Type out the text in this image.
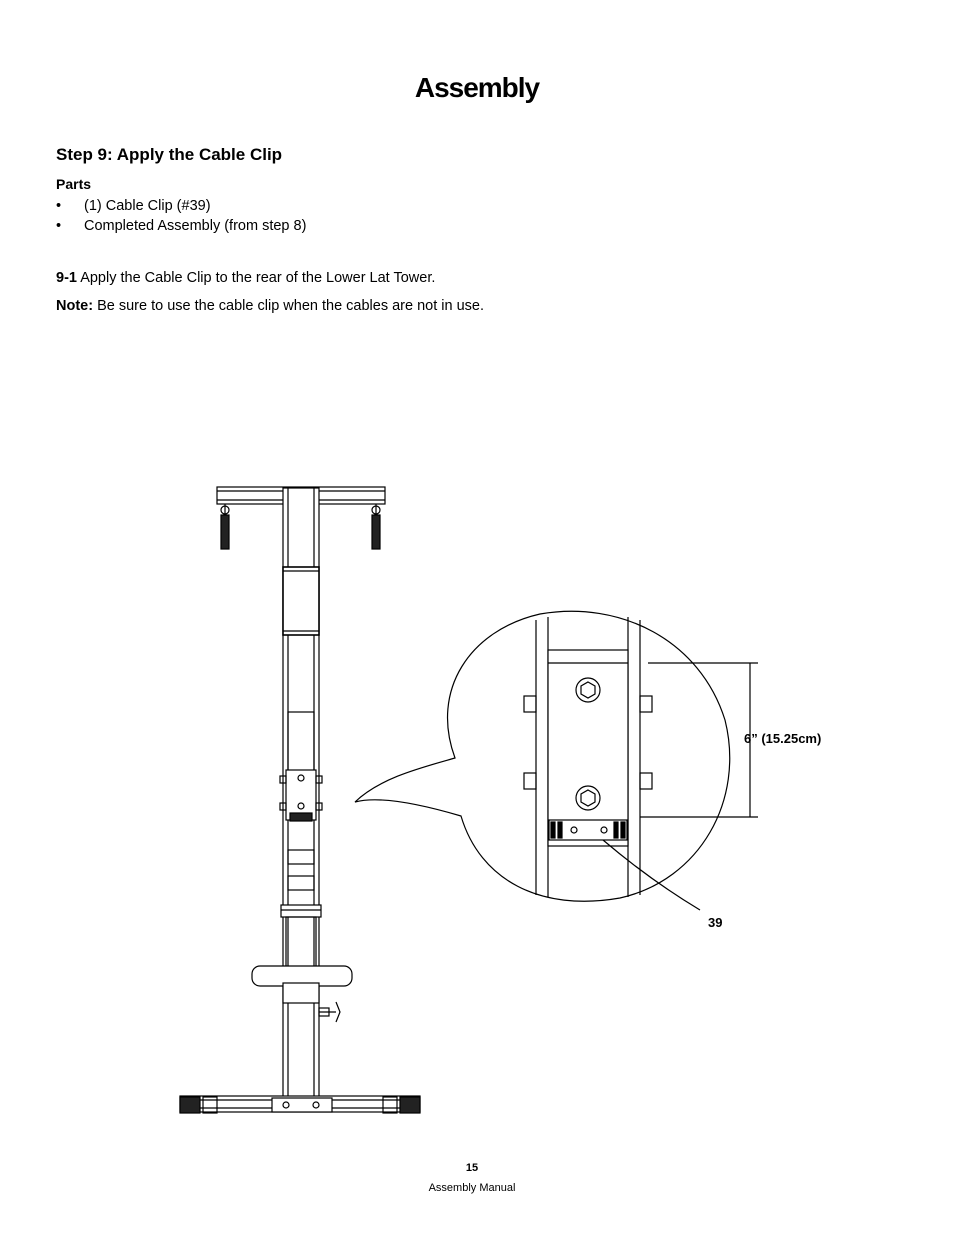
Assembly
Step 9: Apply the Cable Clip
Parts
•	(1) Cable Clip (#39)
•	Completed Assembly (from step 8)

9-1 Apply the Cable Clip to the rear of the Lower Lat Tower.

Note: Be sure to use the cable clip when the cables are not in use.

6” (15.25cm)
39
15
Assembly Manual
